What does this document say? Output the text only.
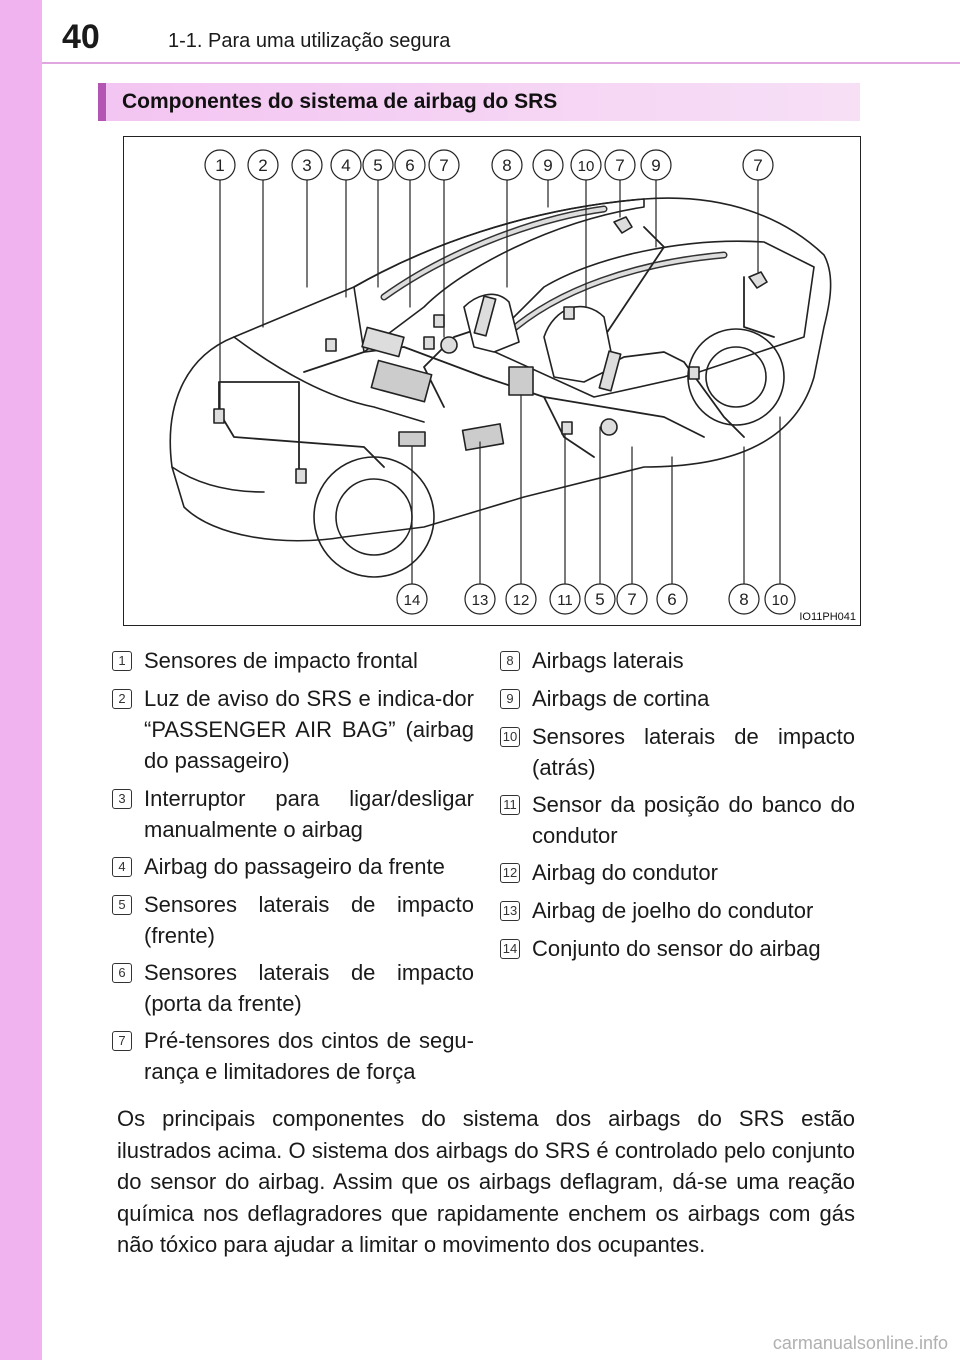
40	1-1. Para uma utilização segura
Componentes do sistema de airbag do SRS
1 2 3 4 5 6 7	8 9 10 7 9	7
14	13 12 11 5 7 6	8 10
IO11PH041
1 Sensores de impacto frontal
2 Luz de aviso do SRS e indica-dor “PASSENGER AIR BAG” (airbag do passageiro)
3 Interruptor para ligar/desligar manualmente o airbag
4 Airbag do passageiro da frente
5 Sensores laterais de impacto (frente)
6 Sensores laterais de impacto (porta da frente)
7 Pré-tensores dos cintos de segu-rança e limitadores de força
8 Airbags laterais
9 Airbags de cortina
10 Sensores laterais de impacto (atrás)
11 Sensor da posição do banco do condutor
12 Airbag do condutor
13 Airbag de joelho do condutor
14 Conjunto do sensor do airbag
Os principais componentes do sistema dos airbags do SRS estão ilustrados acima. O sistema dos airbags do SRS é controlado pelo conjunto do sensor do airbag. Assim que os airbags deflagram, dá-se uma reação química nos deflagradores que rapidamente enchem os airbags com gás não tóxico para ajudar a limitar o movimento dos ocupantes.
carmanualsonline.info
